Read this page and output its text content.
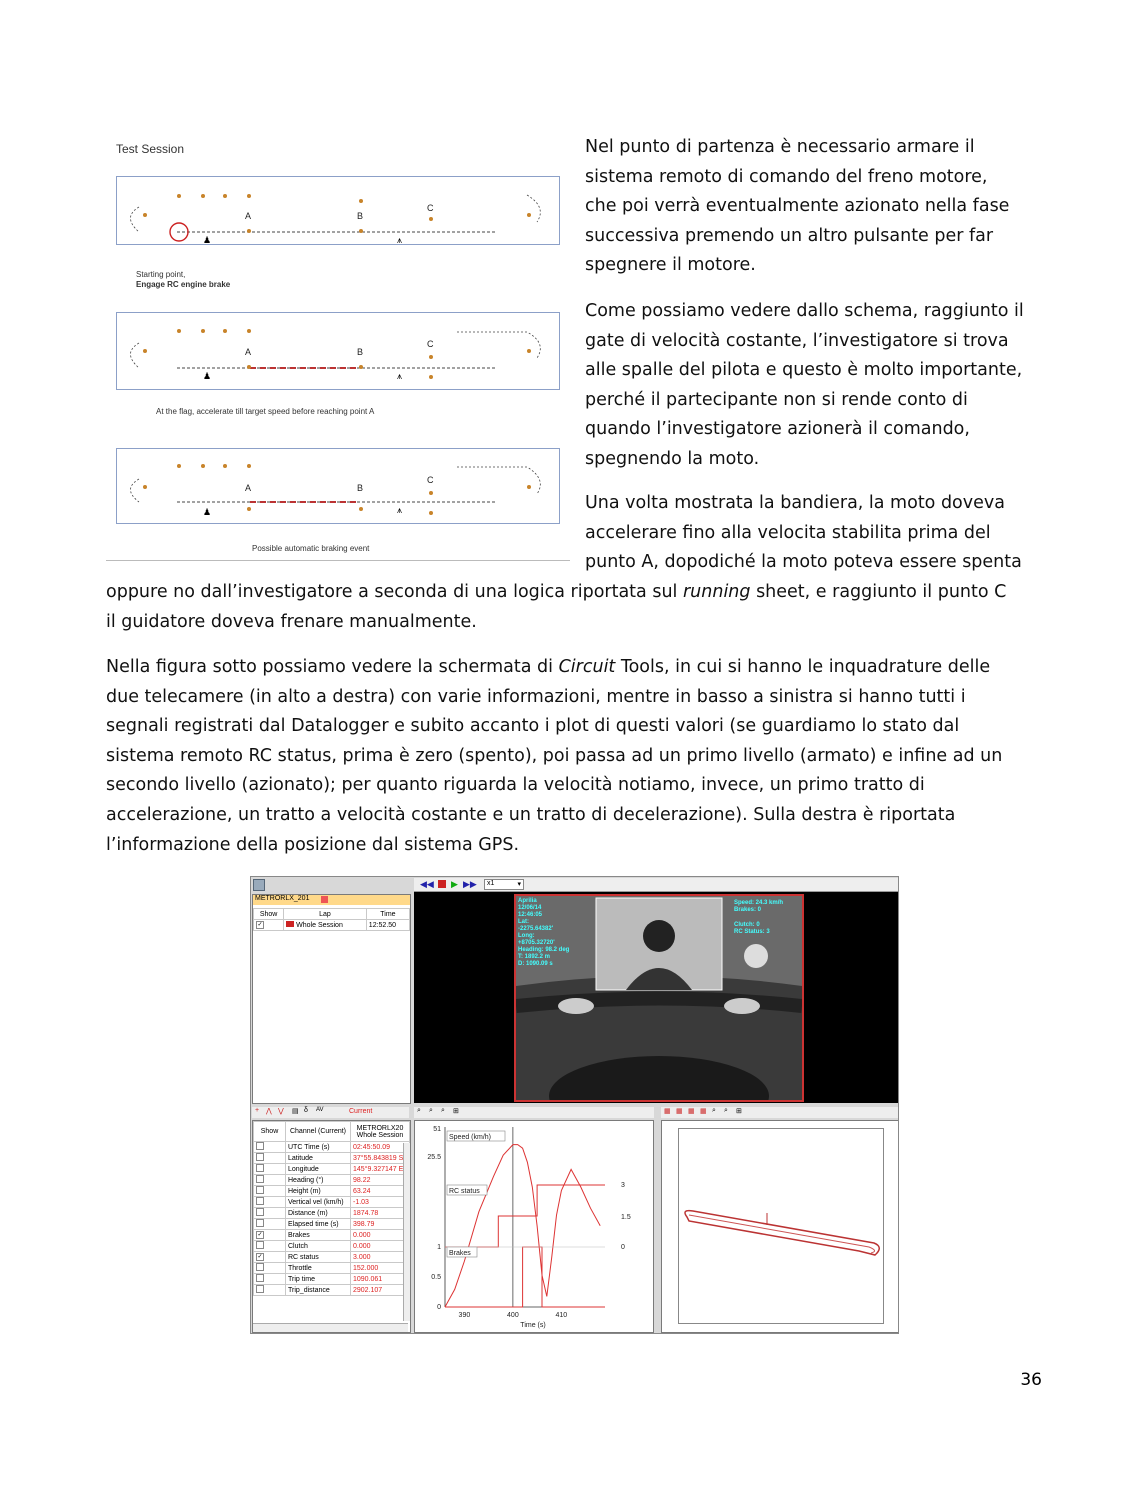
Test Session
A	B
C
♟	⩚
Starting point,
Engage RC engine brake
A	B
C
♟	⩚
At the flag, accelerate till target speed before reaching point A
A	B
C
♟	⩚
Possible automatic braking event
Nel punto di partenza è necessario armare il
sistema remoto di comando del freno motore,
che poi verrà eventualmente azionato nella fase
successiva premendo un altro pulsante per far
spegnere il motore.
Come possiamo vedere dallo schema, raggiunto il
gate di velocità costante, l’investigatore si trova
alle spalle del pilota e questo è molto importante,
perché il partecipante non si rende conto di
quando l’investigatore azionerà il comando,
spegnendo la moto.
Una volta mostrata la bandiera, la moto doveva
accelerare fino alla velocita stabilita prima del
punto A, dopodiché la moto poteva essere spenta
oppure no dall’investigatore a seconda di una logica riportata sul running sheet, e raggiunto il punto C
il guidatore doveva frenare manualmente.
Nella figura sotto possiamo vedere la schermata di Circuit Tools, in cui si hanno le inquadrature delle
due telecamere (in alto a destra) con varie informazioni, mentre in basso a sinistra si hanno tutti i
segnali registrati dal Datalogger e subito accanto i plot di questi valori (se guardiamo lo stato dal
sistema remoto RC status, prima è zero (spento), poi passa ad un primo livello (armato) e infine ad un
secondo livello (azionato); per quanto riguarda la velocità notiamo, invece, un primo tratto di
accelerazione, un tratto a velocità costante e un tratto di decelerazione). Sulla destra è riportata
l’informazione della posizione dal sistema GPS.
METRORLX_201
Show	Lap	Time
✓	Whole Session	12:52.50
◀◀ ▶ ▶▶	x1	▾
Aprilia
12/06/14
12:46:05
Lat:
-2275.64382'
Long:
+8705.32720'
Heading: 98.2 deg
T: 1892.2 m
D: 1090.09 s
Speed: 24.3 km/h
Brakes: 0
Clutch: 0
RC Status: 3
+ ⋀ ⋁ ▤ δ AV	Current
Show	Channel (Current)	METRORLX20 Whole Session
	UTC Time (s)	02:45:50.09
	Latitude	37°55.843819 S
	Longitude	145°9.327147 E
	Heading (°)	98.22
	Height (m)	63.24
	Vertical vel (km/h)	-1.03
	Distance (m)	1874.78
	Elapsed time (s)	398.79
✓	Brakes	0.000
	Clutch	0.000
✓	RC status	3.000
	Throttle	152.000
	Trip time	1090.061
	Trip_distance	2902.107
⌕ ⌕ ⌕ ⊞
51
25.5
1
0.5
0
3
1.5
0
390	400	410
Time (s)
Speed (km/h)
RC status
Brakes
▦ ▦ ▦ ▦ ⌕ ⌕ ⊞
36
